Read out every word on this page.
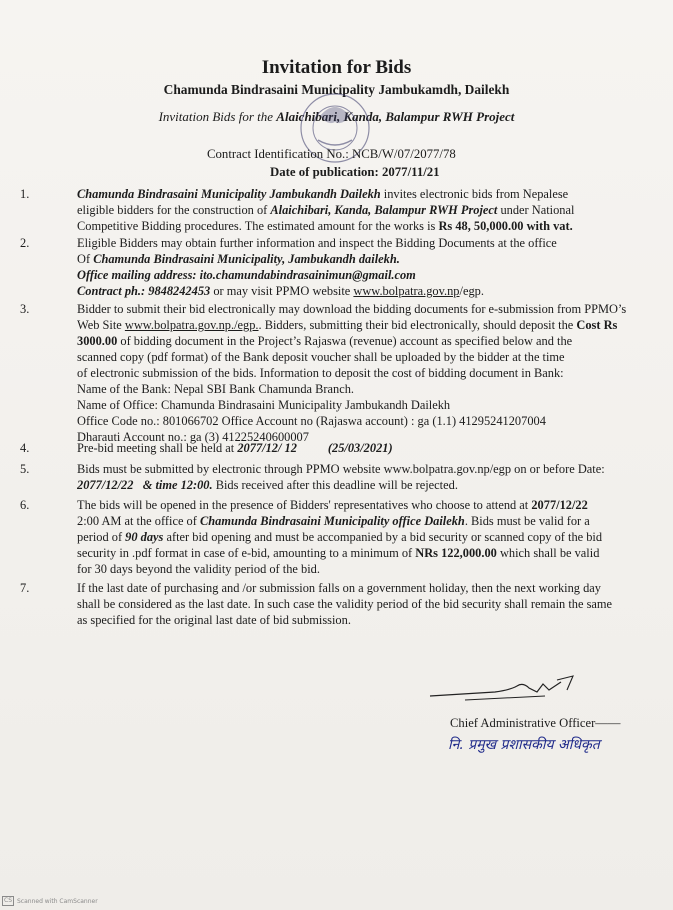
Invitation for Bids
Chamunda Bindrasaini Municipality Jambukamdh, Dailekh
Invitation Bids for the Alaichibari, Kanda, Balampur RWH Project
Contract Identification No.: NCB/W/07/2077/78
Date of publication: 2077/11/21
1.	Chamunda Bindrasaini Municipality Jambukandh Dailekh invites electronic bids from Nepalese
eligible bidders for the construction of Alaichibari, Kanda, Balampur RWH Project under National
Competitive Bidding procedures. The estimated amount for the works is Rs 48, 50,000.00 with vat.
2.	Eligible Bidders may obtain further information and inspect the Bidding Documents at the office
Of Chamunda Bindrasaini Municipality, Jambukandh dailekh.
Office mailing address: ito.chamundabindrasainimun@gmail.com
Contract ph.: 9848242453 or may visit PPMO website www.bolpatra.gov.np/egp.
3.	Bidder to submit their bid electronically may download the bidding documents for e-submission from PPMO’s
Web Site www.bolpatra.gov.np./egp.. Bidders, submitting their bid electronically, should deposit the Cost Rs
3000.00 of bidding document in the Project’s Rajaswa (revenue) account as specified below and the
scanned copy (pdf format) of the Bank deposit voucher shall be uploaded by the bidder at the time
of electronic submission of the bids. Information to deposit the cost of bidding document in Bank:
Name of the Bank: Nepal SBI Bank Chamunda Branch.
Name of Office: Chamunda Bindrasaini Municipality Jambukandh Dailekh
Office Code no.: 801066702 Office Account no (Rajaswa account) : ga (1.1) 41295241207004
Dharauti Account no.: ga (3) 41225240600007
4.	Pre-bid meeting shall be held at 2077/12/ 12 (25/03/2021)
5.	Bids must be submitted by electronic through PPMO website www.bolpatra.gov.np/egp on or before Date:
2077/12/22   & time 12:00. Bids received after this deadline will be rejected.
6.	The bids will be opened in the presence of Bidders' representatives who choose to attend at 2077/12/22
2:00 AM at the office of Chamunda Bindrasaini Municipality office Dailekh. Bids must be valid for a
period of 90 days after bid opening and must be accompanied by a bid security or scanned copy of the bid
security in .pdf format in case of e-bid, amounting to a minimum of NRs 122,000.00 which shall be valid
for 30 days beyond the validity period of the bid.
7.	If the last date of purchasing and /or submission falls on a government holiday, then the next working day
shall be considered as the last date. In such case the validity period of the bid security shall remain the same
as specified for the original last date of bid submission.
Chief Administrative Officer——
नि. प्रमुख प्रशासकीय अधिकृत
CS Scanned with CamScanner
